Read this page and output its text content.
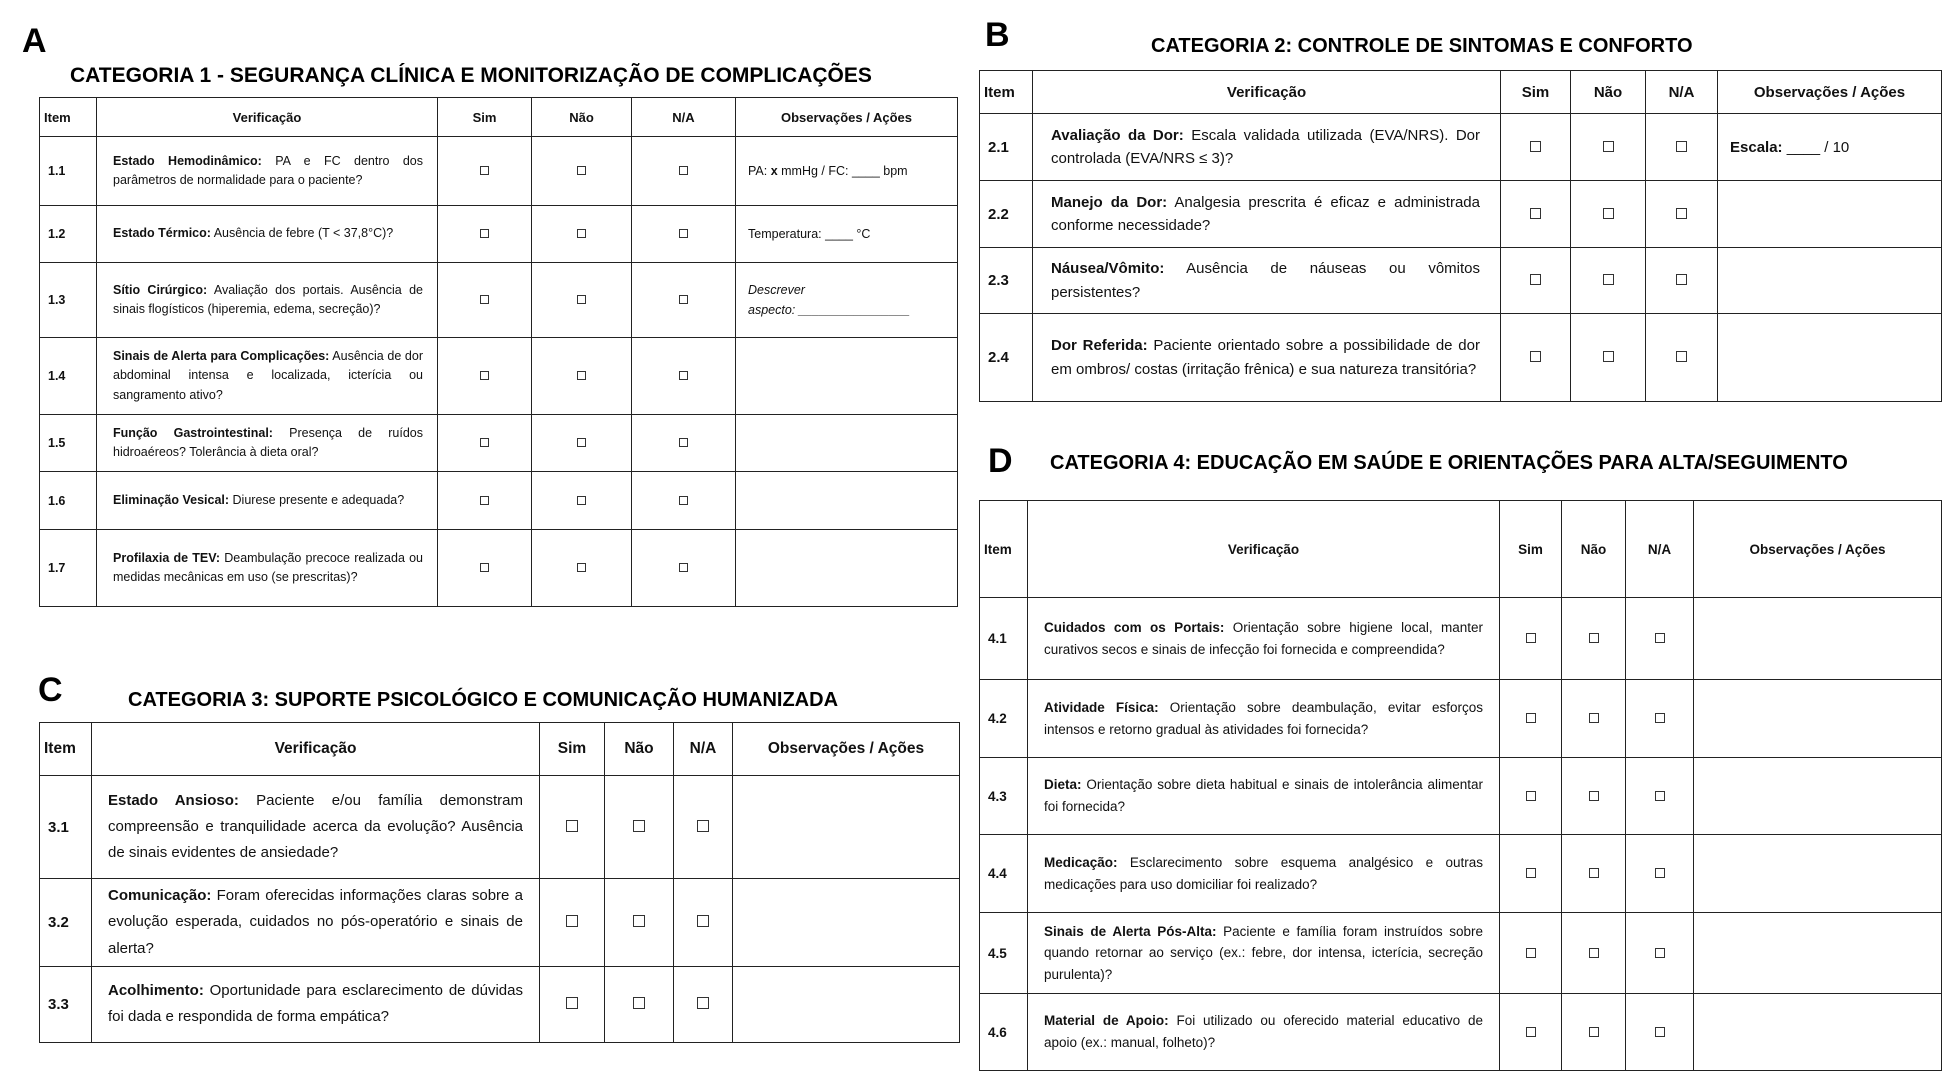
A
CATEGORIA 1 - SEGURANÇA CLÍNICA E MONITORIZAÇÃO DE COMPLICAÇÕES
Item	Verificação	Sim	Não	N/A	Observações / Ações
1.1	Estado Hemodinâmico: PA e FC dentro dos parâmetros de normalidade para o paciente?				PA: x mmHg / FC: ____ bpm
1.2	Estado Térmico: Ausência de febre (T < 37,8°C)?				Temperatura: ____ °C
1.3	Sítio Cirúrgico: Avaliação dos portais. Ausência de sinais flogísticos (hiperemia, edema, secreção)?				Descrever
aspecto: ________________

1.4	Sinais de Alerta para Complicações: Ausência de dor abdominal intensa e localizada, icterícia ou sangramento ativo?				
1.5	Função Gastrointestinal: Presença de ruídos hidroaéreos? Tolerância à dieta oral?				
1.6	Eliminação Vesical: Diurese presente e adequada?				
1.7	Profilaxia de TEV: Deambulação precoce realizada ou medidas mecânicas em uso (se prescritas)?				
B	CATEGORIA 2: CONTROLE DE SINTOMAS E CONFORTO
Item	Verificação	Sim	Não	N/A	Observações / Ações
2.1	Avaliação da Dor: Escala validada utilizada (EVA/NRS). Dor controlada (EVA/NRS ≤ 3)?				Escala: ____ / 10
2.2	Manejo da Dor: Analgesia prescrita é eficaz e administrada conforme necessidade?				
2.3	Náusea/Vômito: Ausência de náuseas ou vômitos persistentes?				
2.4	Dor Referida: Paciente orientado sobre a possibilidade de dor em ombros/ costas (irritação frênica) e sua natureza transitória?				
C	CATEGORIA 3: SUPORTE PSICOLÓGICO E COMUNICAÇÃO HUMANIZADA
Item	Verificação	Sim	Não	N/A	Observações / Ações
3.1	Estado Ansioso: Paciente e/ou família demonstram compreensão e tranquilidade acerca da evolução? Ausência de sinais evidentes de ansiedade?				
3.2	Comunicação: Foram oferecidas informações claras sobre a evolução esperada, cuidados no pós-operatório e sinais de alerta?				
3.3	Acolhimento: Oportunidade para esclarecimento de dúvidas foi dada e respondida de forma empática?				
D CATEGORIA 4: EDUCAÇÃO EM SAÚDE E ORIENTAÇÕES PARA ALTA/SEGUIMENTO
Item	Verificação	Sim	Não	N/A	Observações / Ações
4.1	Cuidados com os Portais: Orientação sobre higiene local, manter curativos secos e sinais de infecção foi fornecida e compreendida?				
4.2	Atividade Física: Orientação sobre deambulação, evitar esforços intensos e retorno gradual às atividades foi fornecida?				
4.3	Dieta: Orientação sobre dieta habitual e sinais de intolerância alimentar foi fornecida?				
4.4	Medicação: Esclarecimento sobre esquema analgésico e outras medicações para uso domiciliar foi realizado?				
4.5	Sinais de Alerta Pós-Alta: Paciente e família foram instruídos sobre quando retornar ao serviço (ex.: febre, dor intensa, icterícia, secreção purulenta)?				
4.6	Material de Apoio: Foi utilizado ou oferecido material educativo de apoio (ex.: manual, folheto)?				
